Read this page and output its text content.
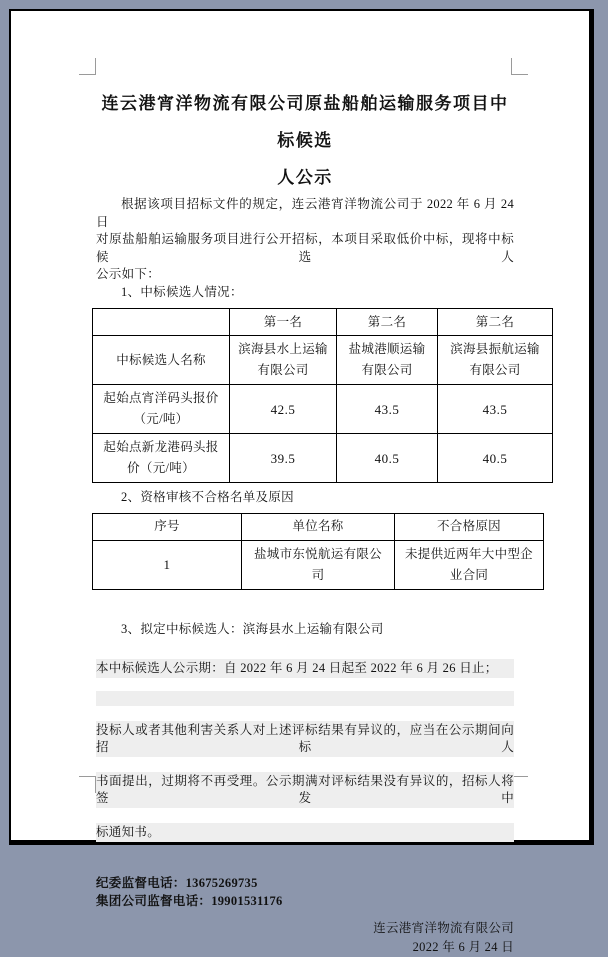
连云港宵洋物流有限公司原盐船舶运输服务项目中标候选
人公示
根据该项目招标文件的规定，连云港宵洋物流公司于 2022 年 6 月 24 日
对原盐船舶运输服务项目进行公开招标，本项目采取低价中标，现将中标候选人
公示如下：
1、中标候选人情况：
	第一名	第二名	第二名
中标候选人名称	滨海县水上运输有限公司	盐城港顺运输有限公司	滨海县振航运输有限公司
起始点宵洋码头报价（元/吨）	42.5	43.5	43.5
起始点新龙港码头报价（元/吨）	39.5	40.5	40.5
2、资格审核不合格名单及原因
序号	单位名称	不合格原因
1	盐城市东悦航运有限公司	未提供近两年大中型企业合同
3、拟定中标候选人：滨海县水上运输有限公司
本中标候选人公示期：自 2022 年 6 月 24 日起至 2022 年 6 月 26 日止；
投标人或者其他利害关系人对上述评标结果有异议的，应当在公示期间向招标人
书面提出，过期将不再受理。公示期满对评标结果没有异议的，招标人将签发中
标通知书。
纪委监督电话：13675269735
集团公司监督电话：19901531176
连云港宵洋物流有限公司
2022 年 6 月 24 日
